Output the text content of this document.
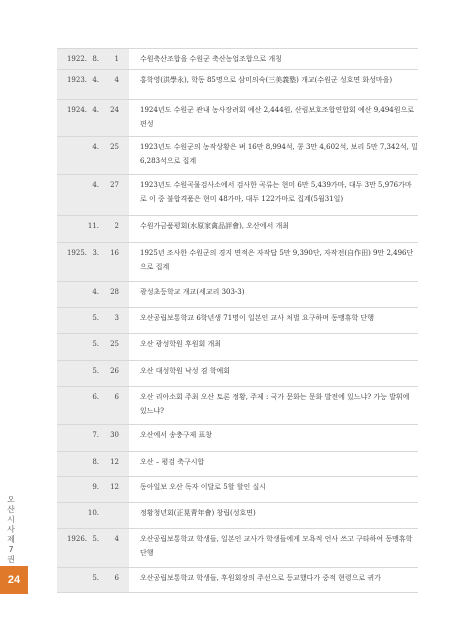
1922. 8. 1	수원축산조합을 수원군 축산농업조합으로 개칭
1923. 4. 4	홍학영(洪學永), 학동 85명으로 삼미의숙(三美義塾) 개교(수원군 성호면 화성마을)
1924. 4. 24	1924년도 수원군 관내 농사장려회 예산 2,444원, 산림보호조합연합회 예산 9,494원으로 편성
4. 25	1923년도 수원군의 농작상황은 벼 16만 8,994석, 콩 3만 4,602석, 보리 5만 7,342석, 밀 6,283석으로 집계
4. 27	1923년도 수원곡물검사소에서 검사한 곡류는 현미 6만 5,439가마, 대두 3만 5,976가마로 이 중 불합격품은 현미 48가마, 대두 122가마로 집계(5월31일)
11. 2	수원가금품평회(水原家禽品評會), 오산에서 개최
1925. 3. 16	1925년 조사한 수원군의 경지 면적은 자작답 5만 9,390단, 자작전(自作田) 9만 2,496단으로 집계
4. 28	광성초등학교 개교(세교리 303-3)
5. 3	오산공립보통학교 6학년생 71명이 일본인 교사 처벌 요구하며 동맹휴학 단행
5. 25	오산 광성학원 후원회 개최
5. 26	오산 대성학원 낙성 겸 학예회
6. 6	오산 리아소회 주최 오산 토론 정황, 주제 : 국가 문화는 문화 발전에 있느냐? 가능 발휘에 있느냐?
7. 30	오산에서 송충구제 표창
8. 12	오산 – 평검 축구시합
9. 12	동아일보 오산 독자 이달로 5할 할인 실시
10.	정황청년회(正晃靑年會) 창립(성호면)
1926. 5. 4	오산공립보통학교 학생들, 일본인 교사가 학생들에게 모욕적 언사 쓰고 구타하여 동맹휴학 단행
5. 6	오산공립보통학교 학생들, 후원회장의 주선으로 등교했다가 중적 현령으로 귀가
오
산
시
사
제
7
권
24
